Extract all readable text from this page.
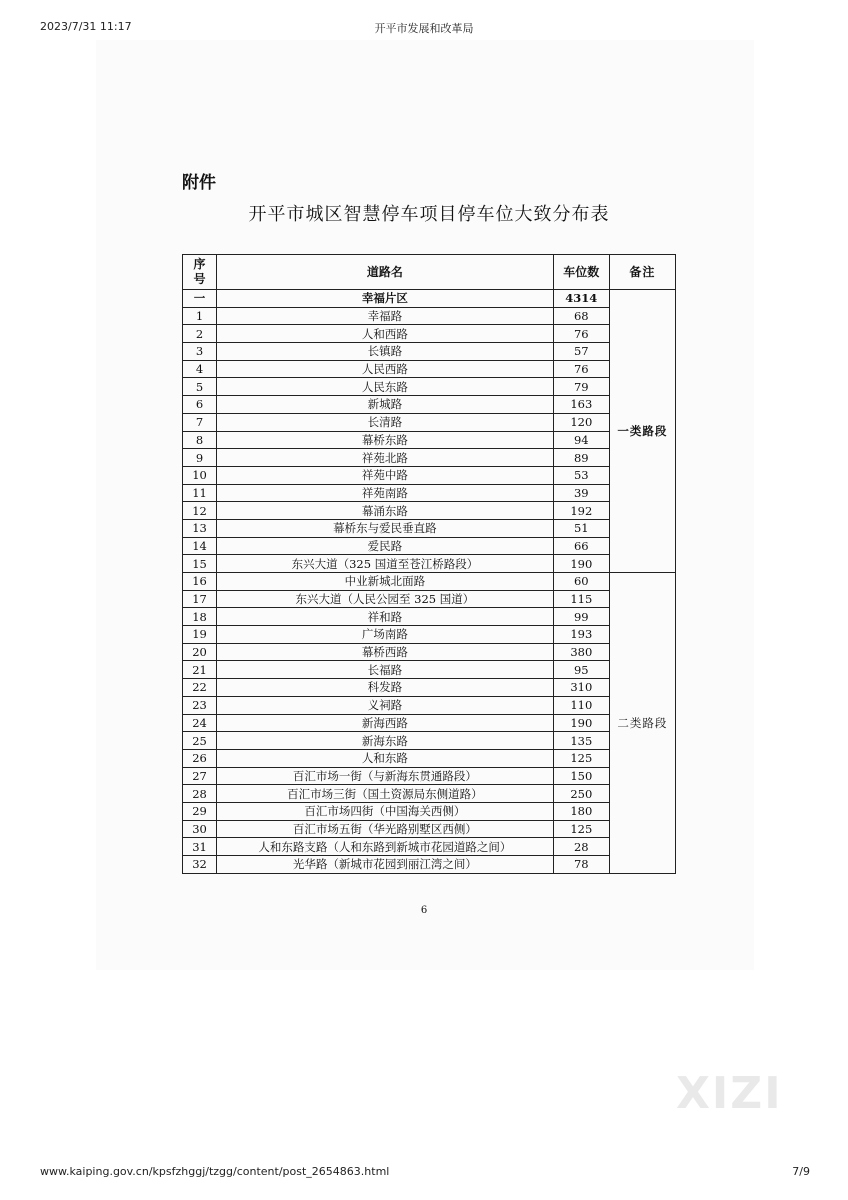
2023/7/31 11:17	开平市发展和改革局
附件
开平市城区智慧停车项目停车位大致分布表
序
号	道路名	车位数	备注
一	幸福片区	4314	一类路段
1	幸福路	68	
2	人和西路	76	
3	长镇路	57	
4	人民西路	76	
5	人民东路	79	
6	新城路	163	
7	长清路	120	
8	幕桥东路	94	
9	祥苑北路	89	
10	祥苑中路	53	
11	祥苑南路	39	
12	幕涌东路	192	
13	幕桥东与爱民垂直路	51	
14	爱民路	66	
15	东兴大道（325 国道至苍江桥路段）	190	
16	中业新城北面路	60	二类路段
17	东兴大道（人民公园至 325 国道）	115	
18	祥和路	99	
19	广场南路	193	
20	幕桥西路	380	
21	长福路	95	
22	科发路	310	
23	义祠路	110	
24	新海西路	190	
25	新海东路	135	
26	人和东路	125	
27	百汇市场一街（与新海东贯通路段）	150	
28	百汇市场三街（国土资源局东侧道路）	250	
29	百汇市场四街（中国海关西侧）	180	
30	百汇市场五街（华光路别墅区西侧）	125	
31	人和东路支路（人和东路到新城市花园道路之间）	28	
32	光华路（新城市花园到丽江湾之间）	78	
6
XIZI
www.kaiping.gov.cn/kpsfzhggj/tzgg/content/post_2654863.html	7/9
